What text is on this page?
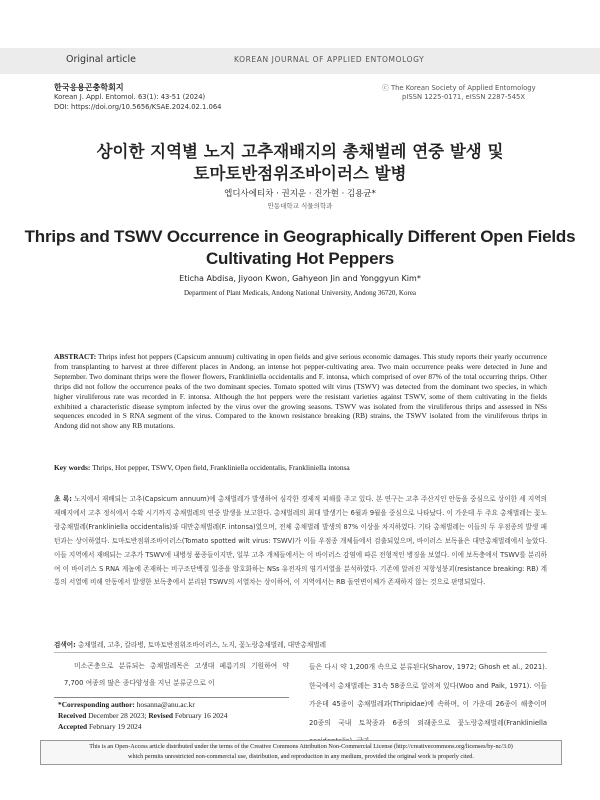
Original article	KOREAN JOURNAL OF APPLIED ENTOMOLOGY
한국응용곤충학회지
Korean J. Appl. Entomol. 63(1): 43-51 (2024)
DOI: https://doi.org/10.5656/KSAE.2024.02.1.064
ⓒ The Korean Society of Applied Entomology
pISSN 1225-0171, eISSN 2287-545X
상이한 지역별 노지 고추재배지의 총채벌레 연중 발생 및
토마토반점위조바이러스 발병
엡디사에티차 · 권지운 · 진가현 · 김용균*
안동대학교 식물의학과
Thrips and TSWV Occurrence in Geographically Different Open Fields
Cultivating Hot Peppers
Eticha Abdisa, Jiyoon Kwon, Gahyeon Jin and Yonggyun Kim*
Department of Plant Medicals, Andong National University, Andong 36720, Korea
ABSTRACT: Thrips infest hot peppers (Capsicum annuum) cultivating in open fields and give serious economic damages. This study reports their yearly occurrence from transplanting to harvest at three different places in Andong, an intense hot pepper-cultivating area. Two main occurrence peaks were detected in June and September. Two dominant thrips were the flower flowers, Frankliniella occidentalis and F. intonsa, which comprised of over 87% of the total occurring thrips. Other thrips did not follow the occurrence peaks of the two dominant species. Tomato spotted wilt virus (TSWV) was detected from the dominant two species, in which higher viruliferous rate was recorded in F. intonsa. Although the hot peppers were the resistant varieties against TSWV, some of them cultivating in the fields exhibited a characteristic disease symptom infected by the virus over the growing seasons. TSWV was isolated from the viruliferous thrips and assessed in NSs sequences encoded in S RNA segment of the virus. Compared to the known resistance breaking (RB) strains, the TSWV isolated from the viruliferous thrips in Andong did not show any RB mutations.
Key words: Thrips, Hot pepper, TSWV, Open field, Frankliniella occidentalis, Frankliniella intonsa
초 록: 노지에서 재배되는 고추(Capsicum annuum)에 총채벌레가 발생하여 심각한 경제적 피해를 주고 있다. 본 연구는 고추 주산지인 안동을 중심으로 상이한 세 지역의 재배지에서 고추 정식에서 수확 시기까지 총채벌레의 연중 발생을 보고한다. 총채벌레의 최대 발생기는 6월과 9월을 중심으로 나타났다. 이 가운데 두 주요 총채벌레는 꽃노랑총채벌레(Frankliniella occidentalis)와 대만총채벌레(F. intonsa)였으며, 전체 총채벌레 발생의 87% 이상을 차지하였다. 기타 총채벌레는 이들의 두 우점종의 발생 패턴과는 상이하였다. 토마토반점위조바이러스(Tomato spotted wilt virus: TSWV)가 이들 우점종 개체들에서 검출되었으며, 바이러스 보독율은 대만총채벌레에서 높았다. 이들 지역에서 재배되는 고추가 TSWV에 내병성 품종들이지만, 일부 고추 개체들에서는 이 바이러스 감염에 따른 전형적인 병징을 보였다. 이에 보독충에서 TSWV를 분리하여 이 바이러스 S RNA 게놈에 존재하는 비구조단백질 일종을 암호화하는 NSs 유전자의 염기서열을 분석하였다. 기존에 알려진 저항성붕괴(resistance breaking: RB) 계통의 서열에 비해 안동에서 발생한 보독충에서 분리된 TSWV의 서열차는 상이하여, 이 지역에서는 RB 돌연변이체가 존재하지 않는 것으로 판명되었다.
검색어: 총채벌레, 고추, 칼라병, 토마토반점위조바이러스, 노지, 꽃노랑총채벌레, 대만총채벌레
미소곤충으로 분류되는 총채벌레목은 고생대 페름기의 기원하여 약 7,700 여종의 많은 종다양성을 지닌 분류군으로 이
들은 다시 약 1,200개 속으로 분류된다(Sharov, 1972; Ghosh et al., 2021). 한국에서 총채벌레는 31속 58종으로 알려져 있다(Woo and Paik, 1971). 이들 가운데 45종이 총채벌레과(Thripidae)에 속하며, 이 가운데 26종이 해충이며 20종의 국내 토착종과 6종의 외래종으로 꽃노랑총채벌레(Frankliniella
*Corresponding author: hosanna@anu.ac.kr
Received December 28 2023; Revised February 16 2024
Accepted February 19 2024
This is an Open-Access article distributed under the terms of the Creative Commons Attribution Non-Commercial License (http://creativecommons.org/licenses/by-nc/3.0)
which permits unrestricted non-commercial use, distribution, and reproduction in any medium, provided the original work is properly cited.
